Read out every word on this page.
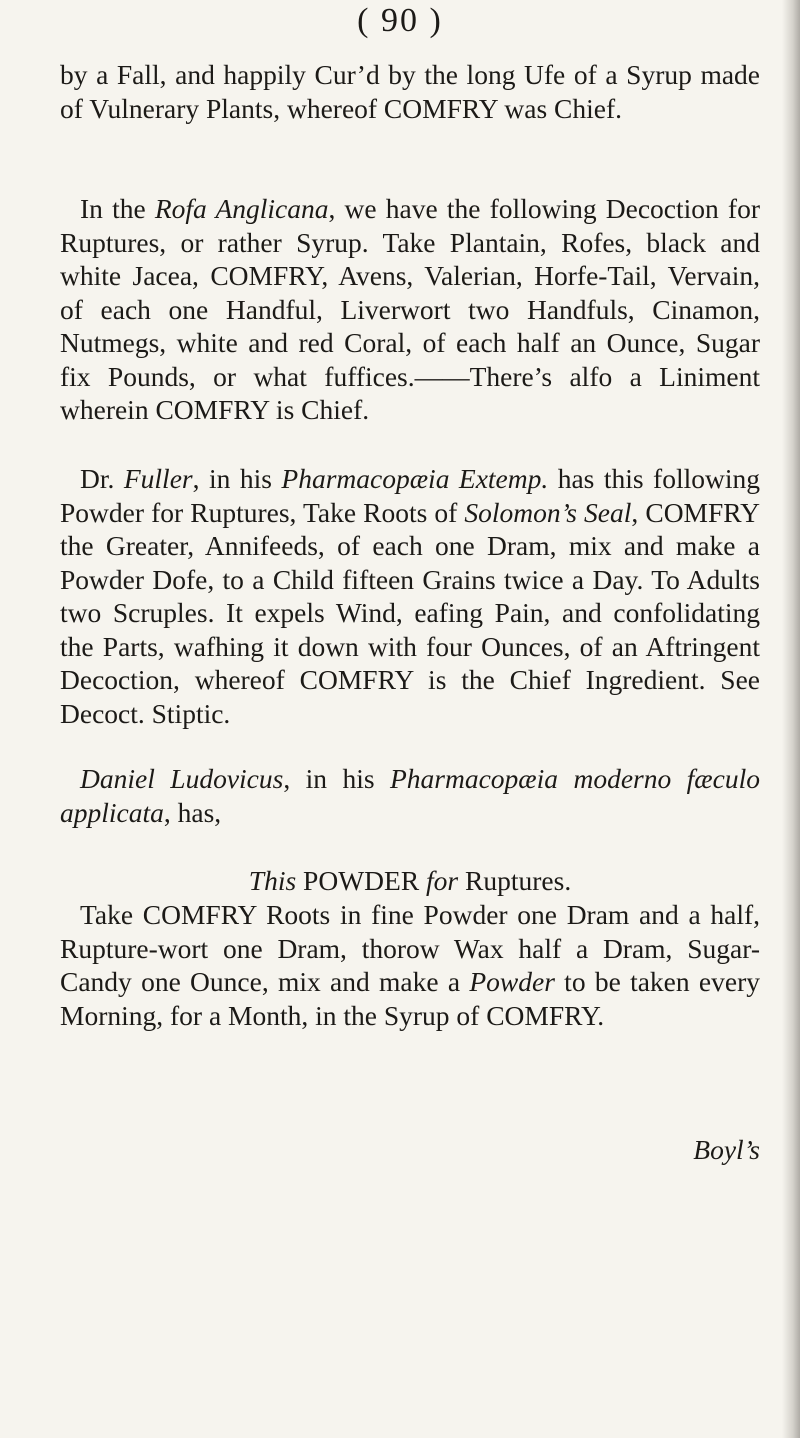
( 90 )
by a Fall, and happily Cur’d by the long Ufe of a Syrup made of Vulnerary Plants, whereof COMFRY was Chief.
In the Rofa Anglicana, we have the following Decoction for Ruptures, or rather Syrup. Take Plantain, Rofes, black and white Jacea, COMFRY, Avens, Valerian, Horfe-Tail, Vervain, of each one Handful, Liverwort two Handfuls, Cinamon, Nutmegs, white and red Coral, of each half an Ounce, Sugar fix Pounds, or what fuffices.——There’s alfo a Liniment wherein COMFRY is Chief.
Dr. Fuller, in his Pharmacopæia Extemp. has this following Powder for Ruptures, Take Roots of Solomon’s Seal, COMFRY the Greater, Annifeeds, of each one Dram, mix and make a Powder Dofe, to a Child fifteen Grains twice a Day. To Adults two Scruples. It expels Wind, eafing Pain, and confolidating the Parts, wafhing it down with four Ounces, of an Aftringent Decoction, whereof COMFRY is the Chief Ingredient. See Decoct. Stiptic.
Daniel Ludovicus, in his Pharmacopæia moderno fæculo applicata, has,
This POWDER for Ruptures.
Take COMFRY Roots in fine Powder one Dram and a half, Rupture-wort one Dram, thorow Wax half a Dram, Sugar-Candy one Ounce, mix and make a Powder to be taken every Morning, for a Month, in the Syrup of COMFRY.
Boyl’s
